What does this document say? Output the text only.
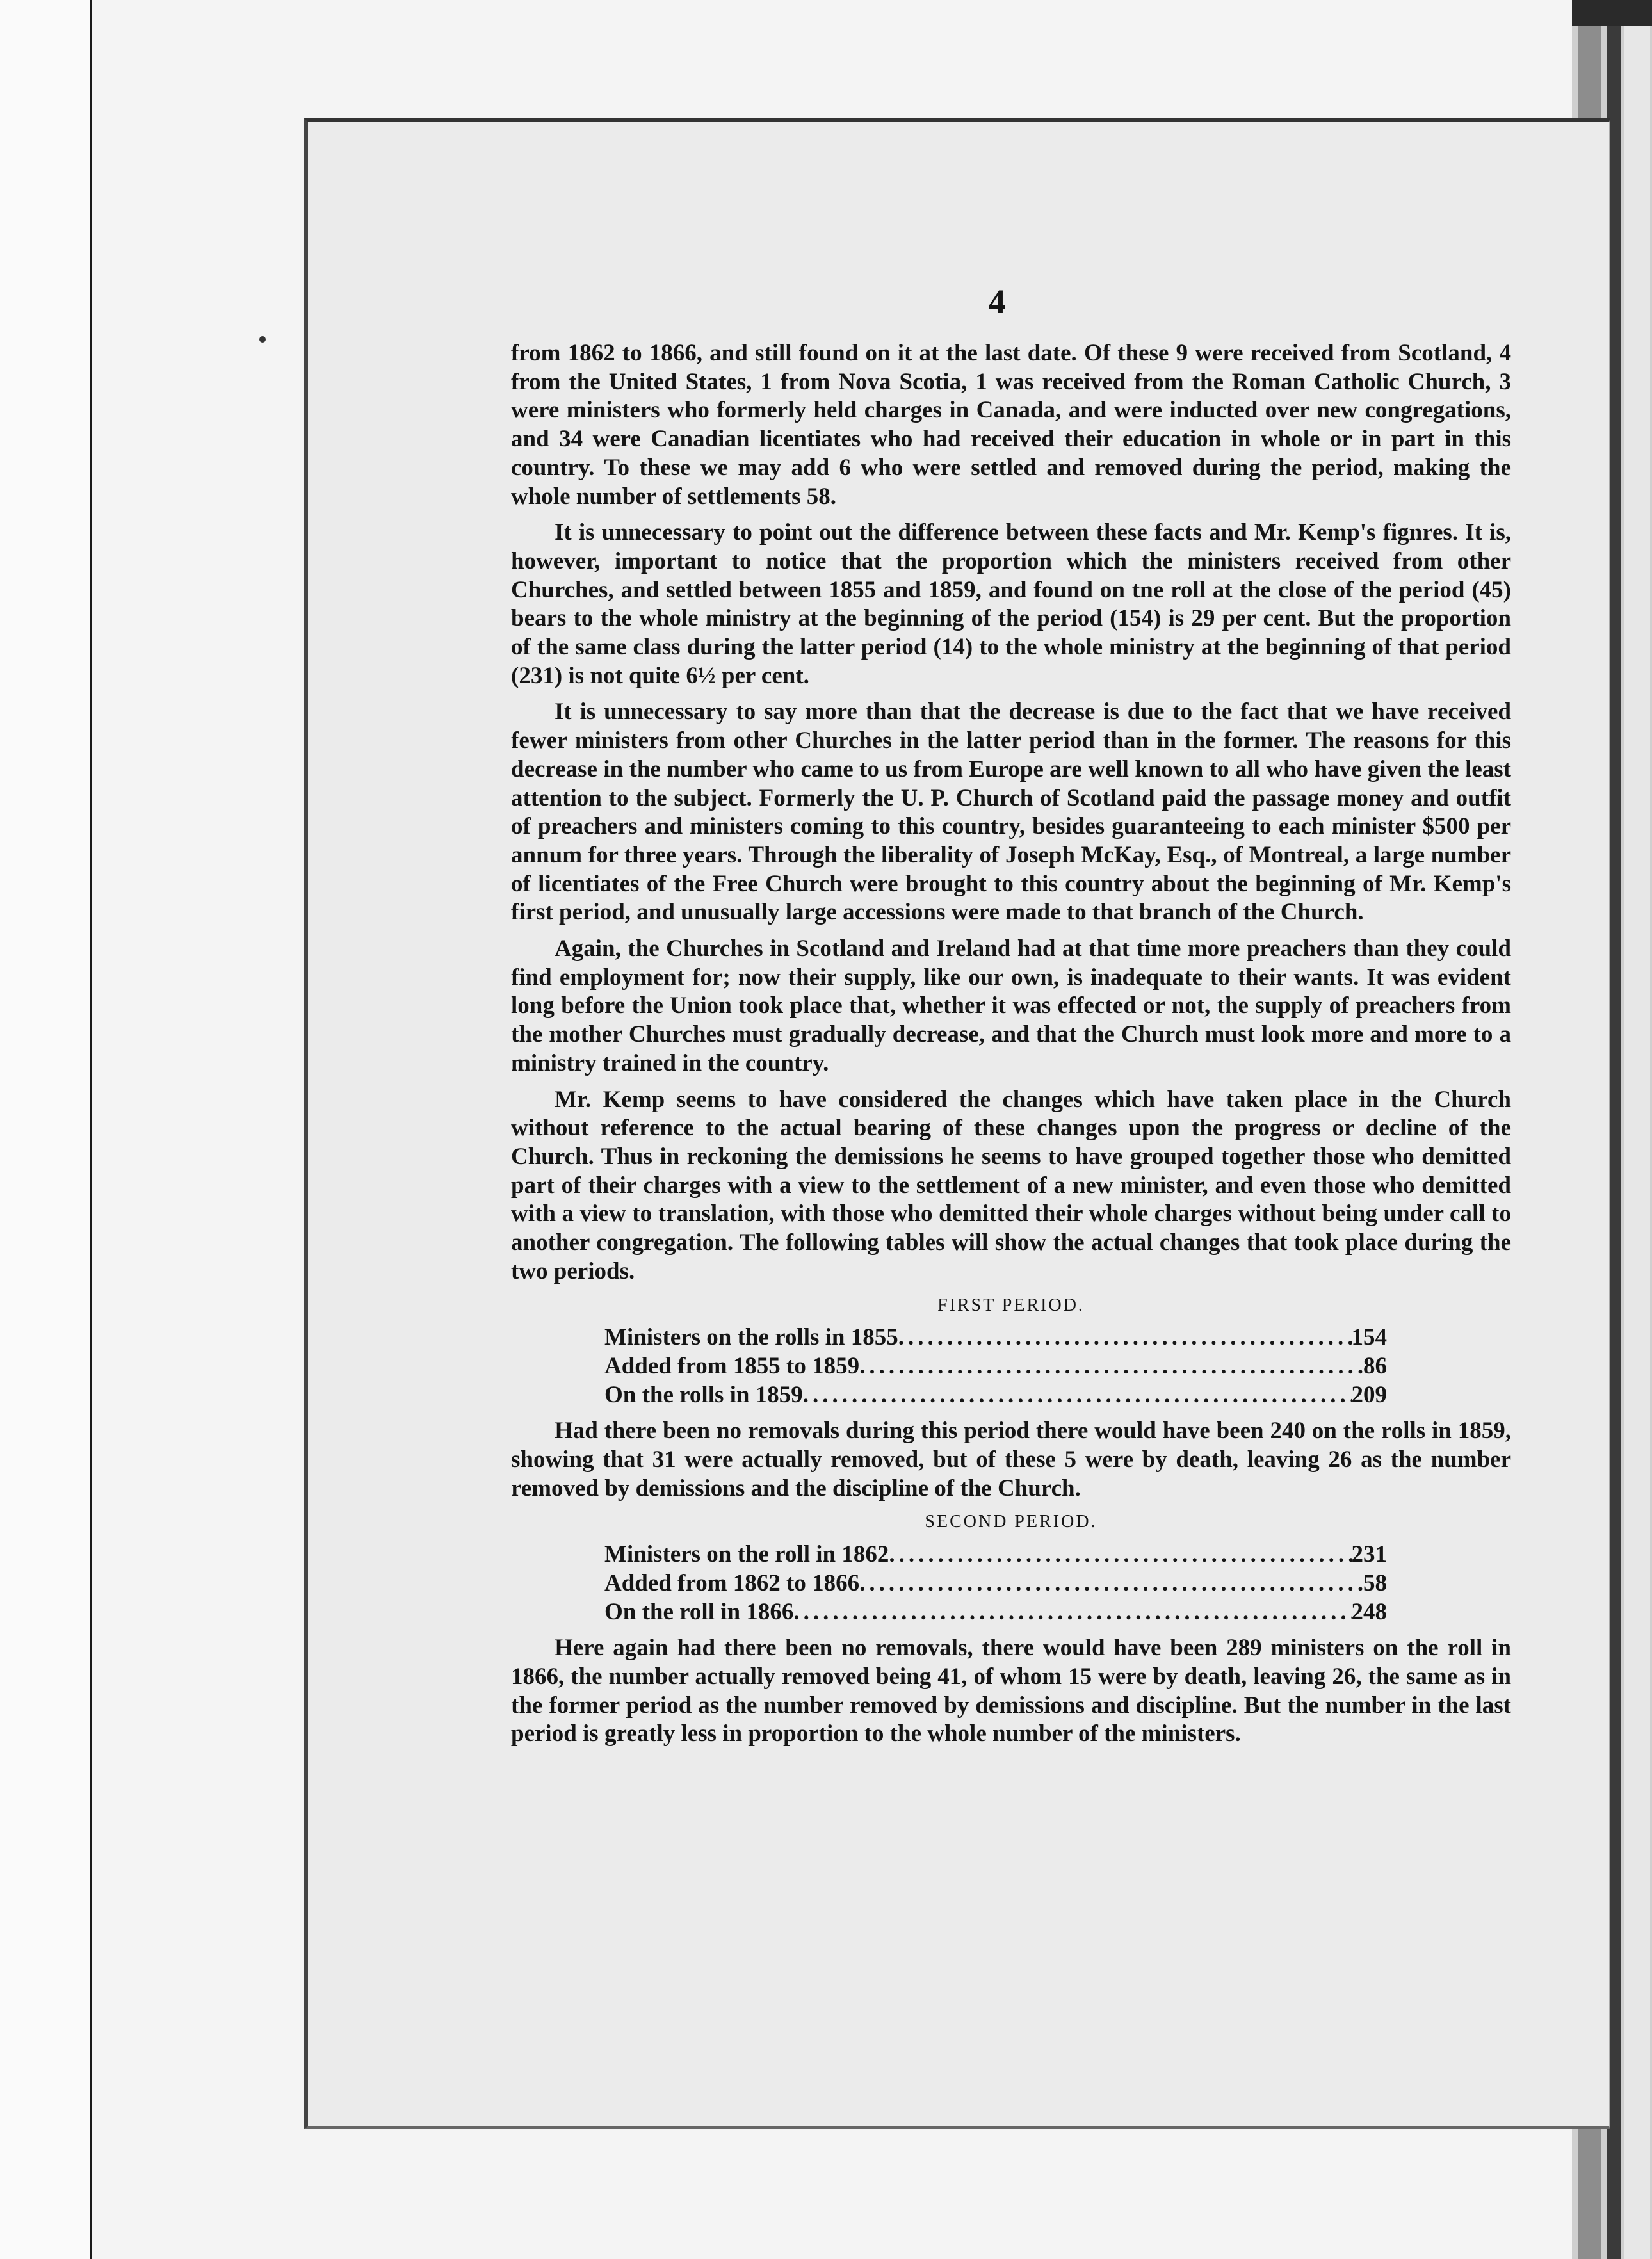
4

from 1862 to 1866, and still found on it at the last date. Of these 9 were received from Scotland, 4 from the United States, 1 from Nova Scotia, 1 was received from the Roman Catholic Church, 3 were ministers who formerly held charges in Canada, and were inducted over new congregations, and 34 were Canadian licentiates who had received their education in whole or in part in this country. To these we may add 6 who were settled and removed during the period, making the whole number of settlements 58.

It is unnecessary to point out the difference between these facts and Mr. Kemp's fignres. It is, however, important to notice that the proportion which the ministers received from other Churches, and settled between 1855 and 1859, and found on tne roll at the close of the period (45) bears to the whole ministry at the beginning of the period (154) is 29 per cent. But the proportion of the same class during the latter period (14) to the whole ministry at the beginning of that period (231) is not quite 6½ per cent.

It is unnecessary to say more than that the decrease is due to the fact that we have received fewer ministers from other Churches in the latter period than in the former. The reasons for this decrease in the number who came to us from Europe are well known to all who have given the least attention to the subject. Formerly the U. P. Church of Scotland paid the passage money and outfit of preachers and ministers coming to this country, besides guaranteeing to each minister $500 per annum for three years. Through the liberality of Joseph McKay, Esq., of Montreal, a large number of licentiates of the Free Church were brought to this country about the beginning of Mr. Kemp's first period, and unusually large accessions were made to that branch of the Church.

Again, the Churches in Scotland and Ireland had at that time more preachers than they could find employment for; now their supply, like our own, is inadequate to their wants. It was evident long before the Union took place that, whether it was effected or not, the supply of preachers from the mother Churches must gradually decrease, and that the Church must look more and more to a ministry trained in the country.

Mr. Kemp seems to have considered the changes which have taken place in the Church without reference to the actual bearing of these changes upon the progress or decline of the Church. Thus in reckoning the demissions he seems to have grouped together those who demitted part of their charges with a view to the settlement of a new minister, and even those who demitted with a view to translation, with those who demitted their whole charges without being under call to another congregation. The following tables will show the actual changes that took place during the two periods.

FIRST PERIOD.
Ministers on the rolls in 1855 .....	154
Added from 1855 to 1859 .....	86
On the rolls in 1859 .....	209

Had there been no removals during this period there would have been 240 on the rolls in 1859, showing that 31 were actually removed, but of these 5 were by death, leaving 26 as the number removed by demissions and the discipline of the Church.

SECOND PERIOD.
Ministers on the roll in 1862 .....	231
Added from 1862 to 1866 .....	58
On the roll in 1866 .....	248

Here again had there been no removals, there would have been 289 ministers on the roll in 1866, the number actually removed being 41, of whom 15 were by death, leaving 26, the same as in the former period as the number removed by demissions and discipline. But the number in the last period is greatly less in proportion to the whole number of the ministers.
